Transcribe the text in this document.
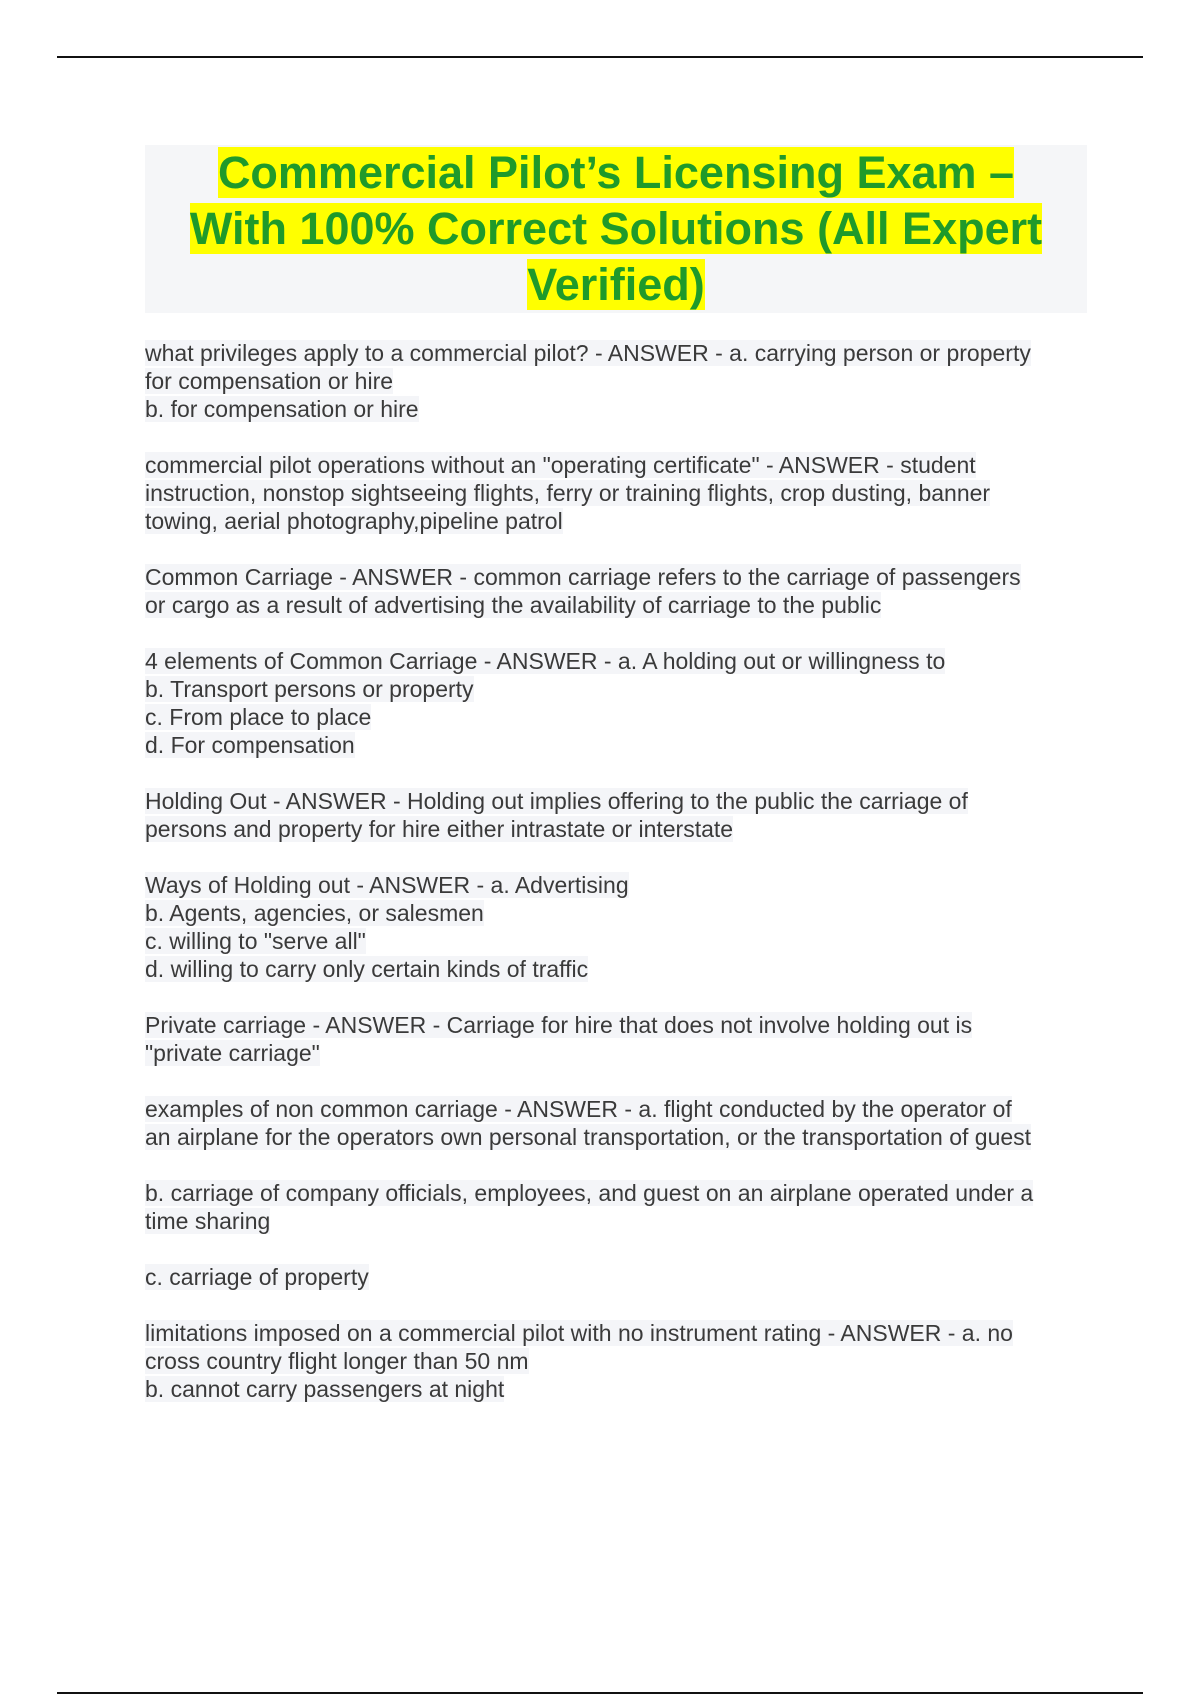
Commercial Pilot’s Licensing Exam –
With 100% Correct Solutions (All Expert
Verified)
what privileges apply to a commercial pilot? - ANSWER - a. carrying person or property
for compensation or hire
b. for compensation or hire
commercial pilot operations without an "operating certificate" - ANSWER - student
instruction, nonstop sightseeing flights, ferry or training flights, crop dusting, banner
towing, aerial photography,pipeline patrol
Common Carriage - ANSWER - common carriage refers to the carriage of passengers
or cargo as a result of advertising the availability of carriage to the public
4 elements of Common Carriage - ANSWER - a. A holding out or willingness to
b. Transport persons or property
c. From place to place
d. For compensation
Holding Out - ANSWER - Holding out implies offering to the public the carriage of
persons and property for hire either intrastate or interstate
Ways of Holding out - ANSWER - a. Advertising
b. Agents, agencies, or salesmen
c. willing to "serve all"
d. willing to carry only certain kinds of traffic
Private carriage - ANSWER - Carriage for hire that does not involve holding out is
"private carriage"
examples of non common carriage - ANSWER - a. flight conducted by the operator of
an airplane for the operators own personal transportation, or the transportation of guest
b. carriage of company officials, employees, and guest on an airplane operated under a
time sharing
c. carriage of property
limitations imposed on a commercial pilot with no instrument rating - ANSWER - a. no
cross country flight longer than 50 nm
b. cannot carry passengers at night
